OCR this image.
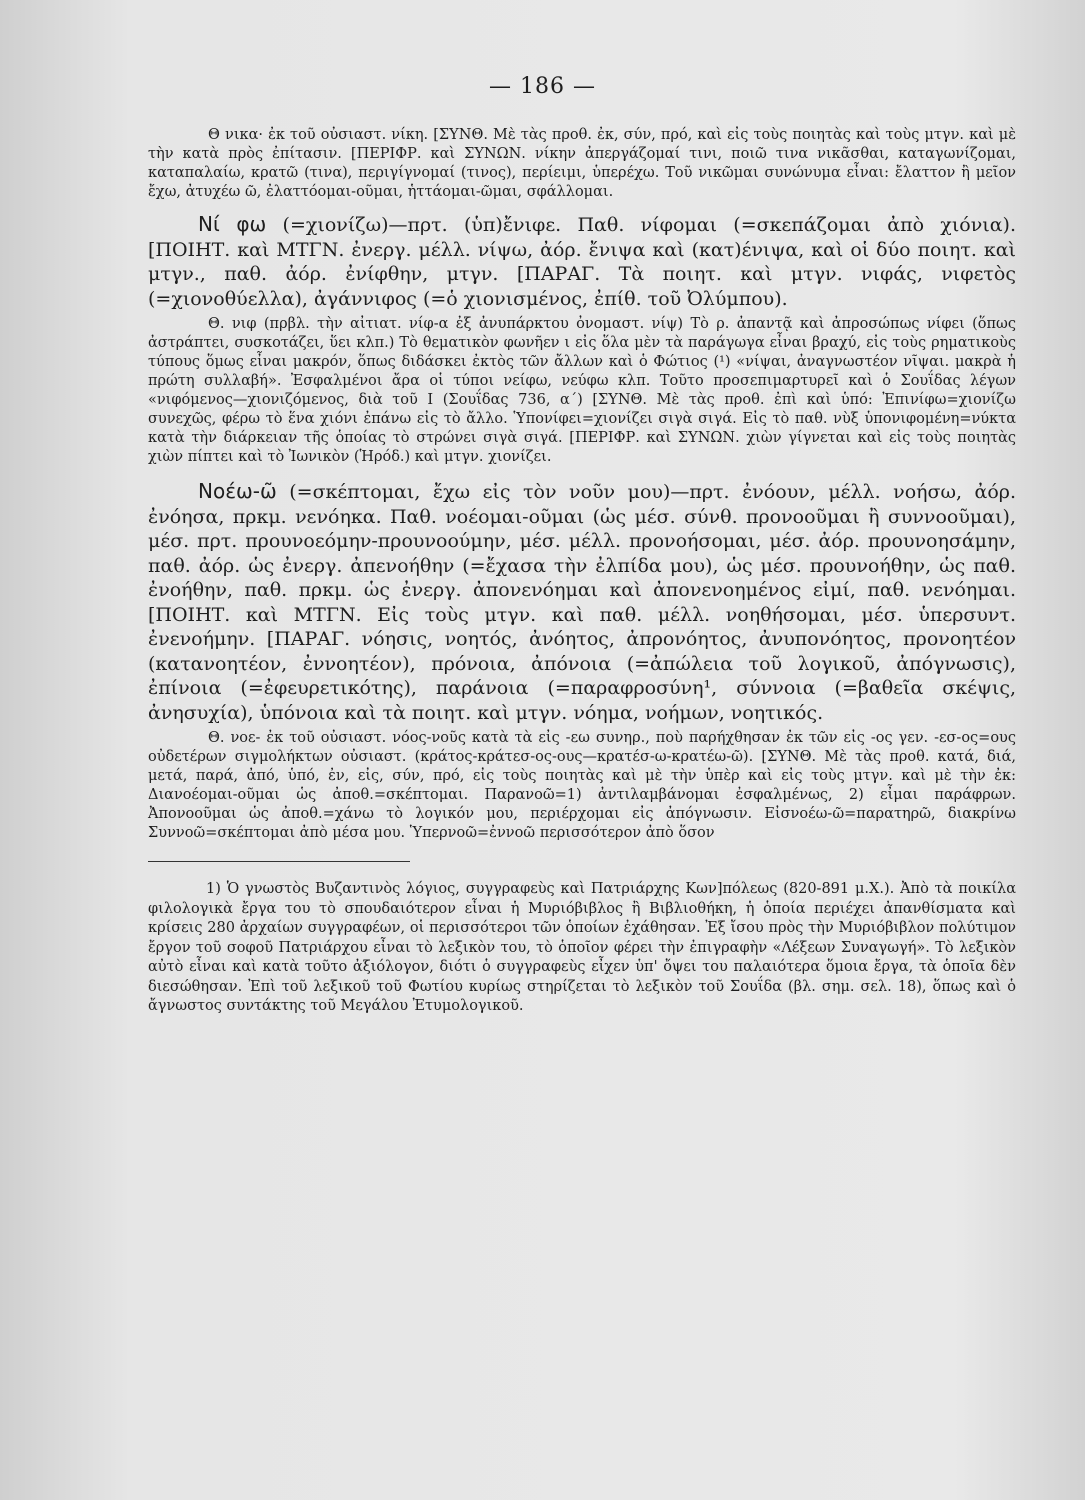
— 186 —

Θ νικα· ἐκ τοῦ οὐσιαστ. νίκη. [ΣΥΝΘ. Μὲ τὰς προθ. ἐκ, σύν, πρό, καὶ εἰς τοὺς ποιητὰς καὶ τοὺς μτγν. καὶ μὲ τὴν κατὰ πρὸς ἐπίτασιν. [ΠΕΡΙΦΡ. καὶ ΣΥΝΩΝ. νίκην ἀπεργάζομαί τινι, ποιῶ τινα νικᾶσθαι, καταγωνίζομαι, καταπαλαίω, κρατῶ (τινα), περιγίγνομαί (τινος), περίειμι, ὑπερέχω. Τοῦ νικῶμαι συνώνυμα εἶναι: ἔλαττον ἢ μεῖον ἔχω, ἀτυχέω ῶ, ἐλαττόομαι-οῦμαι, ἡττάομαι-ῶμαι, σφάλλομαι.

Νί φω (=χιονίζω)—πρτ. (ὑπ)ἔνιφε. Παθ. νίφομαι (=σκεπάζομαι ἀπὸ χιόνια). [ΠΟΙΗΤ. καὶ ΜΤΓΝ. ἐνεργ. μέλλ. νίψω, ἀόρ. ἔνιψα καὶ (κατ)ένιψα, καὶ οἱ δύο ποιητ. καὶ μτγν., παθ. ἀόρ. ἐνίφθην, μτγν. [ΠΑΡΑΓ. Τὰ ποιητ. καὶ μτγν. νιφάς, νιφετὸς (=χιονοθύελλα), ἀγάννιφος (=ὁ χιονισμένος, ἐπίθ. τοῦ Ὀλύμπου).

Θ. νιφ (πρβλ. τὴν αἰτιατ. νίφ-α ἐξ ἀνυπάρκτου ὀνομαστ. νίψ) Τὸ ρ. ἀπαντᾷ καὶ ἀπροσώπως νίφει (ὅπως ἀστράπτει, συσκοτάζει, ὕει κλπ.) Τὸ θεματικὸν φωνῆεν ι εἰς ὅλα μὲν τὰ παράγωγα εἶναι βραχύ, εἰς τοὺς ρηματικοὺς τύπους ὅμως εἶναι μακρόν, ὅπως διδάσκει ἐκτὸς τῶν ἄλλων καὶ ὁ Φώτιος (¹) «νίψαι, ἀναγνωστέον νῖψαι. μακρὰ ἡ πρώτη συλλαβή». Ἐσφαλμένοι ἄρα οἱ τύποι νείφω, νεύφω κλπ. Τοῦτο προσεπιμαρτυρεῖ καὶ ὁ Σουΐδας λέγων «νιφόμενος—χιονιζόμενος, διὰ τοῦ Ι (Σουΐδας 736, α΄) [ΣΥΝΘ. Μὲ τὰς προθ. ἐπὶ καὶ ὑπό: Ἐπινίφω=χιονίζω συνεχῶς, φέρω τὸ ἕνα χιόνι ἐπάνω εἰς τὸ ἄλλο. Ὑπονίφει=χιονίζει σιγὰ σιγά. Εἰς τὸ παθ. νὺξ ὑπονιφομένη=νύκτα κατὰ τὴν διάρκειαν τῆς ὁποίας τὸ στρώνει σιγὰ σιγά. [ΠΕΡΙΦΡ. καὶ ΣΥΝΩΝ. χιὼν γίγνεται καὶ εἰς τοὺς ποιητὰς χιὼν πίπτει καὶ τὸ Ἰωνικὸν (Ἡρόδ.) καὶ μτγν. χιονίζει.

Νοέω-ῶ (=σκέπτομαι, ἔχω εἰς τὸν νοῦν μου)—πρτ. ἐνόουν, μέλλ. νοήσω, ἀόρ. ἐνόησα, πρκμ. νενόηκα. Παθ. νοέομαι-οῦμαι (ὡς μέσ. σύνθ. προνοοῦμαι ἢ συννοοῦμαι), μέσ. πρτ. προυνοεόμην-προυνοούμην, μέσ. μέλλ. προνοήσομαι, μέσ. ἀόρ. προυνοησάμην, παθ. ἀόρ. ὡς ἐνεργ. ἀπενοήθην (=ἔχασα τὴν ἐλπίδα μου), ὡς μέσ. προυνοήθην, ὡς παθ. ἐνοήθην, παθ. πρκμ. ὡς ἐνεργ. ἀπονενόημαι καὶ ἀπονενοημένος εἰμί, παθ. νενόημαι. [ΠΟΙΗΤ. καὶ ΜΤΓΝ. Εἰς τοὺς μτγν. καὶ παθ. μέλλ. νοηθήσομαι, μέσ. ὑπερσυντ. ἐνενοήμην. [ΠΑΡΑΓ. νόησις, νοητός, ἀνόητος, ἀπρονόητος, ἀνυπονόητος, προνοητέον (κατανοητέον, ἐννοητέον), πρόνοια, ἀπόνοια (=ἀπώλεια τοῦ λογικοῦ, ἀπόγνωσις), ἐπίνοια (=ἐφευρετικότης), παράνοια (=παραφροσύνη¹, σύννοια (=βαθεῖα σκέψις, ἀνησυχία), ὑπόνοια καὶ τὰ ποιητ. καὶ μτγν. νόημα, νοήμων, νοητικός.

Θ. νοε- ἐκ τοῦ οὐσιαστ. νόος-νοῦς κατὰ τὰ εἰς -εω συνηρ., ποὺ παρήχθησαν ἐκ τῶν εἰς -ος γεν. -εσ-ος=ους οὐδετέρων σιγμολήκτων οὐσιαστ. (κράτος-κράτεσ-ος-ους—κρατέσ-ω-κρατέω-ῶ). [ΣΥΝΘ. Μὲ τὰς προθ. κατά, διά, μετά, παρά, ἀπό, ὑπό, ἐν, εἰς, σύν, πρό, εἰς τοὺς ποιητὰς καὶ μὲ τὴν ὑπὲρ καὶ εἰς τοὺς μτγν. καὶ μὲ τὴν ἐκ: Διανοέομαι-οῦμαι ὡς ἀποθ.=σκέπτομαι. Παρανοῶ=1) ἀντιλαμβάνομαι ἐσφαλμένως, 2) εἶμαι παράφρων. Ἀπονοοῦμαι ὡς ἀποθ.=χάνω τὸ λογικόν μου, περιέρχομαι εἰς ἀπόγνωσιν. Εἰσνοέω-ῶ=παρατηρῶ, διακρίνω Συννοῶ=σκέπτομαι ἀπὸ μέσα μου. Ὑπερνοῶ=ἐννοῶ περισσότερον ἀπὸ ὅσον

1) Ὁ γνωστὸς Βυζαντινὸς λόγιος, συγγραφεὺς καὶ Πατριάρχης Κων]πόλεως (820-891 μ.Χ.). Ἀπὸ τὰ ποικίλα φιλολογικὰ ἔργα του τὸ σπουδαιότερον εἶναι ἡ Μυριόβιβλος ἢ Βιβλιοθήκη, ἡ ὁποία περιέχει ἀπανθίσματα καὶ κρίσεις 280 ἀρχαίων συγγραφέων, οἱ περισσότεροι τῶν ὁποίων ἐχάθησαν. Ἐξ ἴσου πρὸς τὴν Μυριόβιβλον πολύτιμον ἔργον τοῦ σοφοῦ Πατριάρχου εἶναι τὸ λεξικὸν του, τὸ ὁποῖον φέρει τὴν ἐπιγραφὴν «Λέξεων Συναγωγή». Τὸ λεξικὸν αὐτὸ εἶναι καὶ κατὰ τοῦτο ἀξιόλογον, διότι ὁ συγγραφεὺς εἶχεν ὑπ' ὄψει του παλαιότερα ὅμοια ἔργα, τὰ ὁποῖα δὲν διεσώθησαν. Ἐπὶ τοῦ λεξικοῦ τοῦ Φωτίου κυρίως στηρίζεται τὸ λεξικὸν τοῦ Σουΐδα (βλ. σημ. σελ. 18), ὅπως καὶ ὁ ἄγνωστος συντάκτης τοῦ Μεγάλου Ἐτυμολογικοῦ.
